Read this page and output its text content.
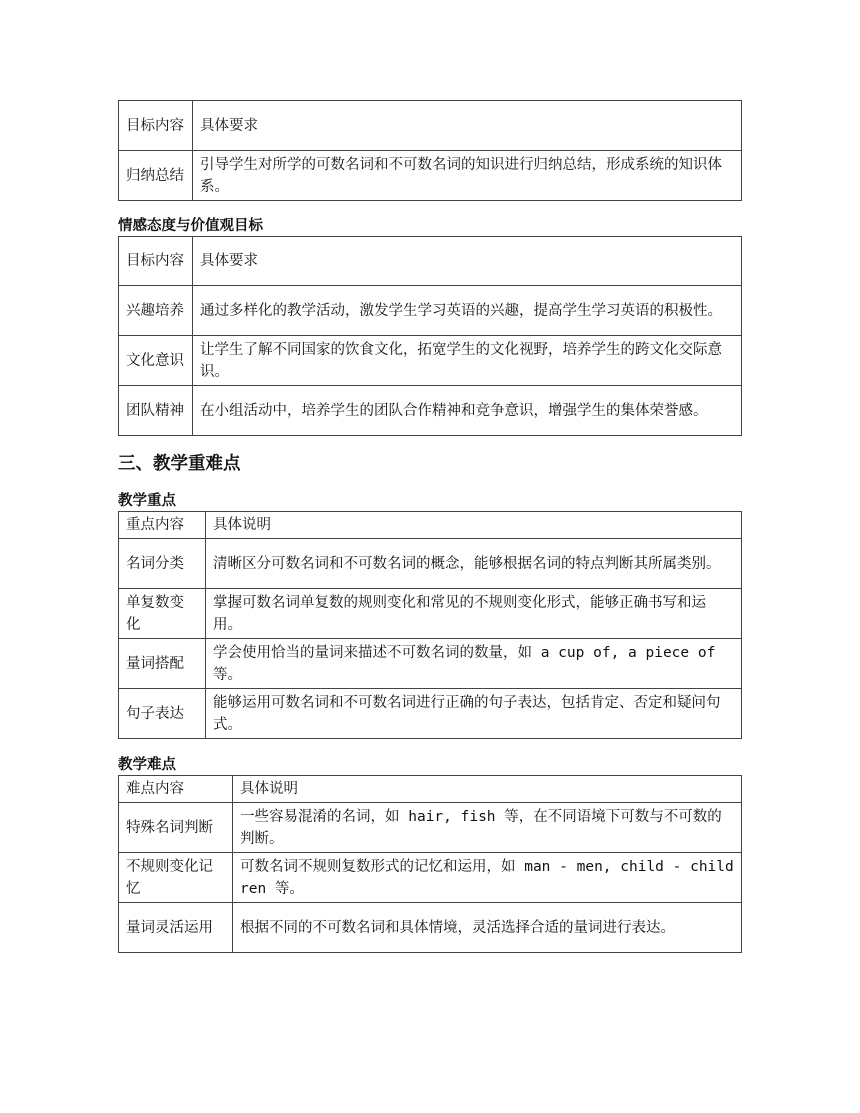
目标内容	具体要求
归纳总结	引导学生对所学的可数名词和不可数名词的知识进行归纳总结，形成系统的知识体系。

情感态度与价值观目标

目标内容	具体要求
兴趣培养	通过多样化的教学活动，激发学生学习英语的兴趣，提高学生学习英语的积极性。
文化意识	让学生了解不同国家的饮食文化，拓宽学生的文化视野，培养学生的跨文化交际意识。
团队精神	在小组活动中，培养学生的团队合作精神和竞争意识，增强学生的集体荣誉感。

三、教学重难点

教学重点

重点内容	具体说明
名词分类	清晰区分可数名词和不可数名词的概念，能够根据名词的特点判断其所属类别。
单复数变化	掌握可数名词单复数的规则变化和常见的不规则变化形式，能够正确书写和运用。
量词搭配	学会使用恰当的量词来描述不可数名词的数量，如 a cup of, a piece of 等。
句子表达	能够运用可数名词和不可数名词进行正确的句子表达，包括肯定、否定和疑问句式。

教学难点

难点内容	具体说明
特殊名词判断	一些容易混淆的名词，如 hair, fish 等，在不同语境下可数与不可数的判断。
不规则变化记忆	可数名词不规则复数形式的记忆和运用，如 man - men, child - children 等。
量词灵活运用	根据不同的不可数名词和具体情境，灵活选择合适的量词进行表达。
